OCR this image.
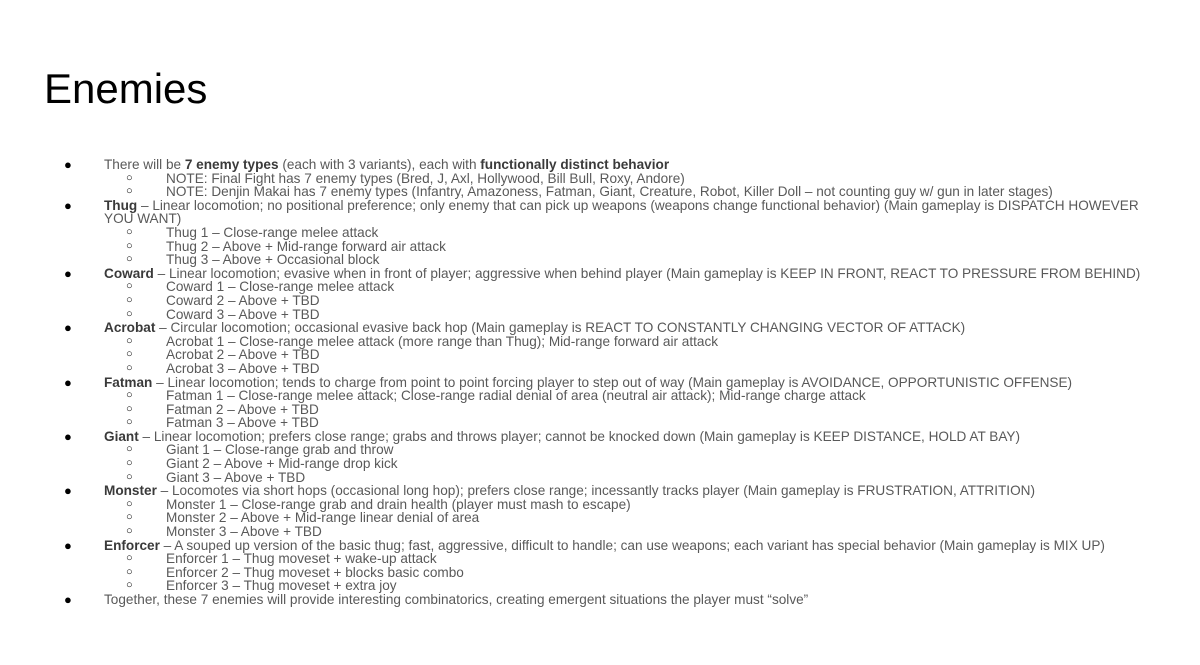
Enemies
● There will be 7 enemy types (each with 3 variants), each with functionally distinct behavior
○ NOTE: Final Fight has 7 enemy types (Bred, J, Axl, Hollywood, Bill Bull, Roxy, Andore)
○ NOTE: Denjin Makai has 7 enemy types (Infantry, Amazoness, Fatman, Giant, Creature, Robot, Killer Doll – not counting guy w/ gun in later stages)
● Thug – Linear locomotion; no positional preference; only enemy that can pick up weapons (weapons change functional behavior) (Main gameplay is DISPATCH HOWEVER YOU WANT)
○ Thug 1 – Close-range melee attack
○ Thug 2 – Above + Mid-range forward air attack
○ Thug 3 – Above + Occasional block
● Coward – Linear locomotion; evasive when in front of player; aggressive when behind player (Main gameplay is KEEP IN FRONT, REACT TO PRESSURE FROM BEHIND)
○ Coward 1 – Close-range melee attack
○ Coward 2 – Above + TBD
○ Coward 3 – Above + TBD
● Acrobat – Circular locomotion; occasional evasive back hop (Main gameplay is REACT TO CONSTANTLY CHANGING VECTOR OF ATTACK)
○ Acrobat 1 – Close-range melee attack (more range than Thug); Mid-range forward air attack
○ Acrobat 2 – Above + TBD
○ Acrobat 3 – Above + TBD
● Fatman – Linear locomotion; tends to charge from point to point forcing player to step out of way (Main gameplay is AVOIDANCE, OPPORTUNISTIC OFFENSE)
○ Fatman 1 – Close-range melee attack; Close-range radial denial of area (neutral air attack); Mid-range charge attack
○ Fatman 2 – Above + TBD
○ Fatman 3 – Above + TBD
● Giant – Linear locomotion; prefers close range; grabs and throws player; cannot be knocked down (Main gameplay is KEEP DISTANCE, HOLD AT BAY)
○ Giant 1 – Close-range grab and throw
○ Giant 2 – Above + Mid-range drop kick
○ Giant 3 – Above + TBD
● Monster – Locomotes via short hops (occasional long hop); prefers close range; incessantly tracks player (Main gameplay is FRUSTRATION, ATTRITION)
○ Monster 1 – Close-range grab and drain health (player must mash to escape)
○ Monster 2 – Above + Mid-range linear denial of area
○ Monster 3 – Above + TBD
● Enforcer – A souped up version of the basic thug; fast, aggressive, difficult to handle; can use weapons; each variant has special behavior (Main gameplay is MIX UP)
○ Enforcer 1 – Thug moveset + wake-up attack
○ Enforcer 2 – Thug moveset + blocks basic combo
○ Enforcer 3 – Thug moveset + extra joy
● Together, these 7 enemies will provide interesting combinatorics, creating emergent situations the player must “solve”
